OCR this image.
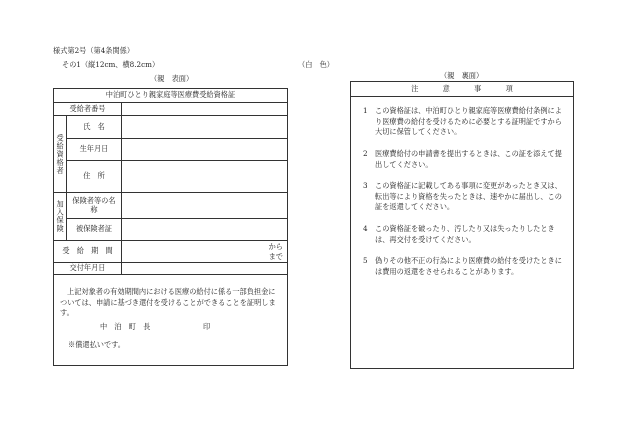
様式第2号（第4条関係）
その1（縦12cm、横8.2cm）	（白　色）
（親　表面）
中泊町ひとり親家庭等医療費受給資格証		
受給者番号		

受給資格者	氏　名	
	生年月日	
	住　所	

加入保険	保険者等の名称	
	被保険者証	
受　給　期　間		から
まで

交付年月日		

上記対象者の有効期間内における医療の給付に係る一部負担金については、申請に基づき還付を受けることができることを証明します。
中　泊　町　長 印
※償還払いです。		
（親　裏面）
注 意 事 項
1 この資格証は、中泊町ひとり親家庭等医療費給付条例により医療費の給付を受けるために必要とする証明証ですから大切に保管してください。
2 医療費給付の申請書を提出するときは、この証を添えて提出してください。
3 この資格証に記載してある事項に変更があったとき又は、転出等により資格を失ったときは、速やかに届出し、この証を返還してください。
4 この資格証を破ったり、汚したり又は失ったりしたときは、再交付を受けてください。
5 偽りその他不正の行為により医療費の給付を受けたときには費用の返還をさせられることがあります。
